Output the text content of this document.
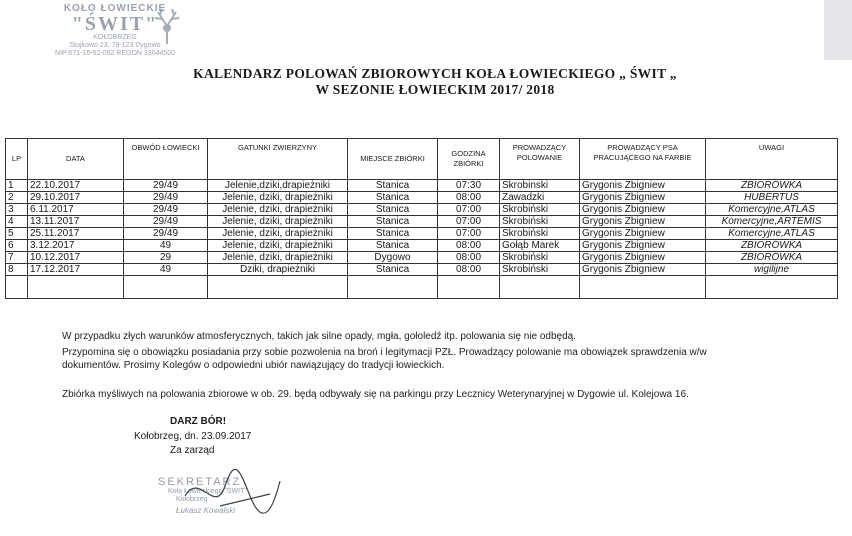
KOŁO ŁOWIECKIE
"ŚWIT"
KOŁOBRZEG
Stojkowo 23, 78-123 Dygowo
NIP 671-16-52-062 REGON 33044500
KALENDARZ POLOWAŃ ZBIOROWYCH KOŁA ŁOWIECKIEGO „ ŚWIT „
W SEZONIE ŁOWIECKIM 2017/ 2018
LP	DATA	OBWÓD ŁOWIECKI	GATUNKI ZWIERZYNY	MIEJSCE ZBIÓRKI	GODZINA ZBIÓRKI	PROWADZĄCY POLOWANIE	PROWADZĄCY PSA PRACUJĄCEGO NA FARBIE	UWAGI
1	22.10.2017	29/49	Jelenie,dziki,drapieżniki	Stanica	07:30	Skrobinski	Grygonis Zbigniew	ZBIORÓWKA
2	29.10.2017	29/49	Jelenie, dziki, drapieżniki	Stanica	08:00	Zawadzki	Grygonis Zbigniew	HUBERTUS
3	6.11.2017	29/49	Jelenie, dziki, drapieżniki	Stanica	07:00	Skrobiński	Grygonis Zbigniew	Komercyjne,ATLAS
4	13.11.2017	29/49	Jelenie, dziki, drapieżniki	Stanica	07:00	Skrobiński	Grygonis Zbigniew	Komercyjne,ARTEMIS
5	25.11.2017	29/49	Jelenie, dziki, drapieżniki	Stanica	07:00	Skrobiński	Grygonis Zbigniew	Komercyjne,ATLAS
6	3.12.2017	49	Jelenie, dziki, drapieżniki	Stanica	08:00	Gołąb Marek	Grygonis Zbigniew	ZBIORÓWKA
7	10.12.2017	29	Jelenie, dziki, drapieżniki	Dygowo	08:00	Skrobiński	Grygonis Zbigniew	ZBIORÓWKA
8	17.12.2017	49	Dziki, drapieżniki	Stanica	08:00	Skrobiński	Grygonis Zbigniew	wigilijne

W przypadku złych warunków atmosferycznych, takich jak silne opady, mgła, gołoledź itp. polowania się nie odbędą.
Przypomina się o obowiązku posiadania przy sobie pozwolenia na broń i legitymacji PZŁ. Prowadzący polowanie ma obowiązek sprawdzenia w/w
dokumentów. Prosimy Kolegów o odpowiedni ubiór nawiązujący do tradycji łowieckich.
Zbiórka myśliwych na polowania zbiorowe w ob. 29. będą odbywały się na parkingu przy Lecznicy Weterynaryjnej w Dygowie ul. Kolejowa 16.
DARZ BÓR!
Kołobrzeg, dn. 23.09.2017
Za zarząd
SEKRETARZ
Koła Łowieckiego "ŚWIT"
Kołobrzeg
Łukasz Kowalski
